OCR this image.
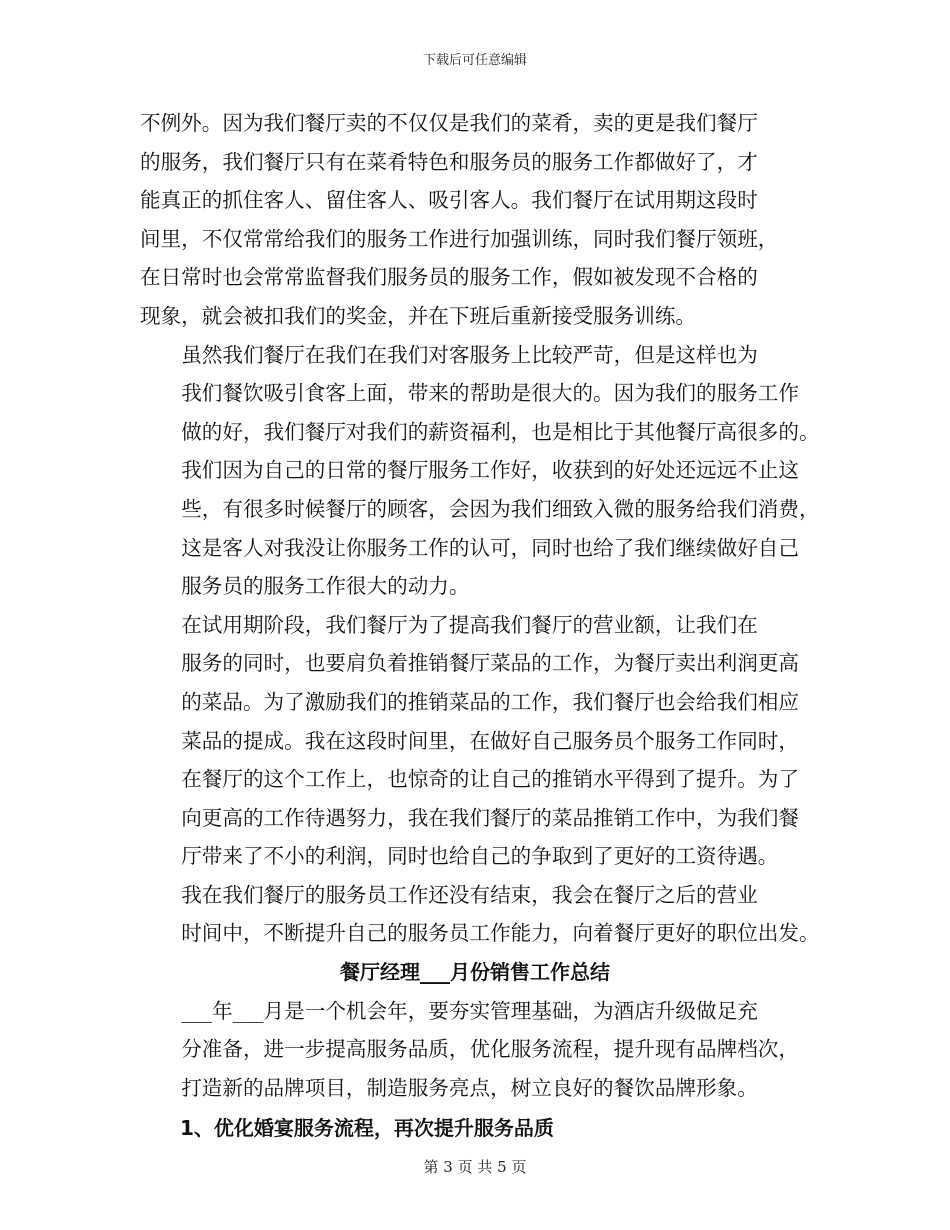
下载后可任意编辑

不例外。因为我们餐厅卖的不仅仅是我们的菜肴，卖的更是我们餐厅
的服务，我们餐厅只有在菜肴特色和服务员的服务工作都做好了，才
能真正的抓住客人、留住客人、吸引客人。我们餐厅在试用期这段时
间里，不仅常常给我们的服务工作进行加强训练，同时我们餐厅领班，
在日常时也会常常监督我们服务员的服务工作，假如被发现不合格的
现象，就会被扣我们的奖金，并在下班后重新接受服务训练。

虽然我们餐厅在我们在我们对客服务上比较严苛，但是这样也为
我们餐饮吸引食客上面，带来的帮助是很大的。因为我们的服务工作
做的好，我们餐厅对我们的薪资福利，也是相比于其他餐厅高很多的。
我们因为自己的日常的餐厅服务工作好，收获到的好处还远远不止这
些，有很多时候餐厅的顾客，会因为我们细致入微的服务给我们消费，
这是客人对我没让你服务工作的认可，同时也给了我们继续做好自己
服务员的服务工作很大的动力。

在试用期阶段，我们餐厅为了提高我们餐厅的营业额，让我们在
服务的同时，也要肩负着推销餐厅菜品的工作，为餐厅卖出利润更高
的菜品。为了激励我们的推销菜品的工作，我们餐厅也会给我们相应
菜品的提成。我在这段时间里，在做好自己服务员个服务工作同时，
在餐厅的这个工作上，也惊奇的让自己的推销水平得到了提升。为了
向更高的工作待遇努力，我在我们餐厅的菜品推销工作中，为我们餐
厅带来了不小的利润，同时也给自己的争取到了更好的工资待遇。

我在我们餐厅的服务员工作还没有结束，我会在餐厅之后的营业
时间中，不断提升自己的服务员工作能力，向着餐厅更好的职位出发。

餐厅经理___月份销售工作总结

___年___月是一个机会年，要夯实管理基础，为酒店升级做足充
分准备，进一步提高服务品质，优化服务流程，提升现有品牌档次，
打造新的品牌项目，制造服务亮点，树立良好的餐饮品牌形象。

1、优化婚宴服务流程，再次提升服务品质
第 3 页 共 5 页
